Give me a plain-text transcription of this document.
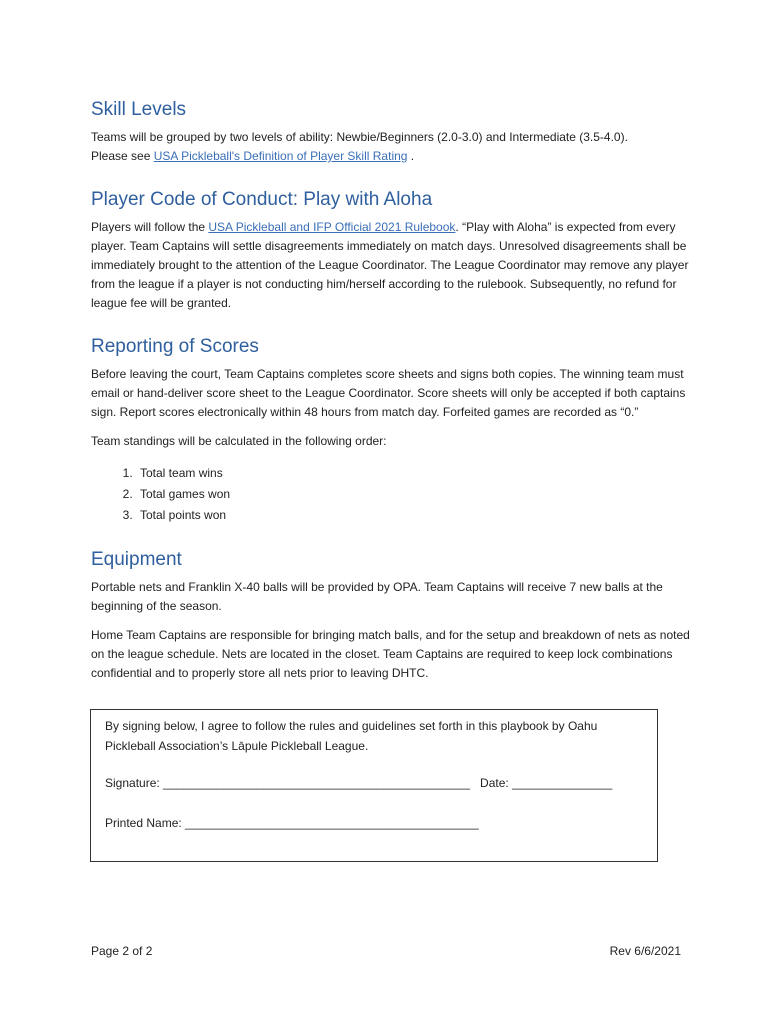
Skill Levels

Teams will be grouped by two levels of ability: Newbie/Beginners (2.0-3.0) and Intermediate (3.5-4.0).
Please see USA Pickleball's Definition of Player Skill Rating .

Player Code of Conduct: Play with Aloha

Players will follow the USA Pickleball and IFP Official 2021 Rulebook. “Play with Aloha” is expected from every player. Team Captains will settle disagreements immediately on match days. Unresolved disagreements shall be immediately brought to the attention of the League Coordinator. The League Coordinator may remove any player from the league if a player is not conducting him/herself according to the rulebook. Subsequently, no refund for league fee will be granted.

Reporting of Scores

Before leaving the court, Team Captains completes score sheets and signs both copies. The winning team must email or hand-deliver score sheet to the League Coordinator. Score sheets will only be accepted if both captains sign. Report scores electronically within 48 hours from match day. Forfeited games are recorded as “0.”

Team standings will be calculated in the following order:

1. Total team wins
2. Total games won
3. Total points won
Equipment

Portable nets and Franklin X-40 balls will be provided by OPA. Team Captains will receive 7 new balls at the beginning of the season.

Home Team Captains are responsible for bringing match balls, and for the setup and breakdown of nets as noted on the league schedule. Nets are located in the closet. Team Captains are required to keep lock combinations confidential and to properly store all nets prior to leaving DHTC.

By signing below, I agree to follow the rules and guidelines set forth in this playbook by Oahu Pickleball Association’s Lāpule Pickleball League.

Signature: ______________________________________________ Date: _______________
Printed Name: ____________________________________________
Page 2 of 2	Rev 6/6/2021
